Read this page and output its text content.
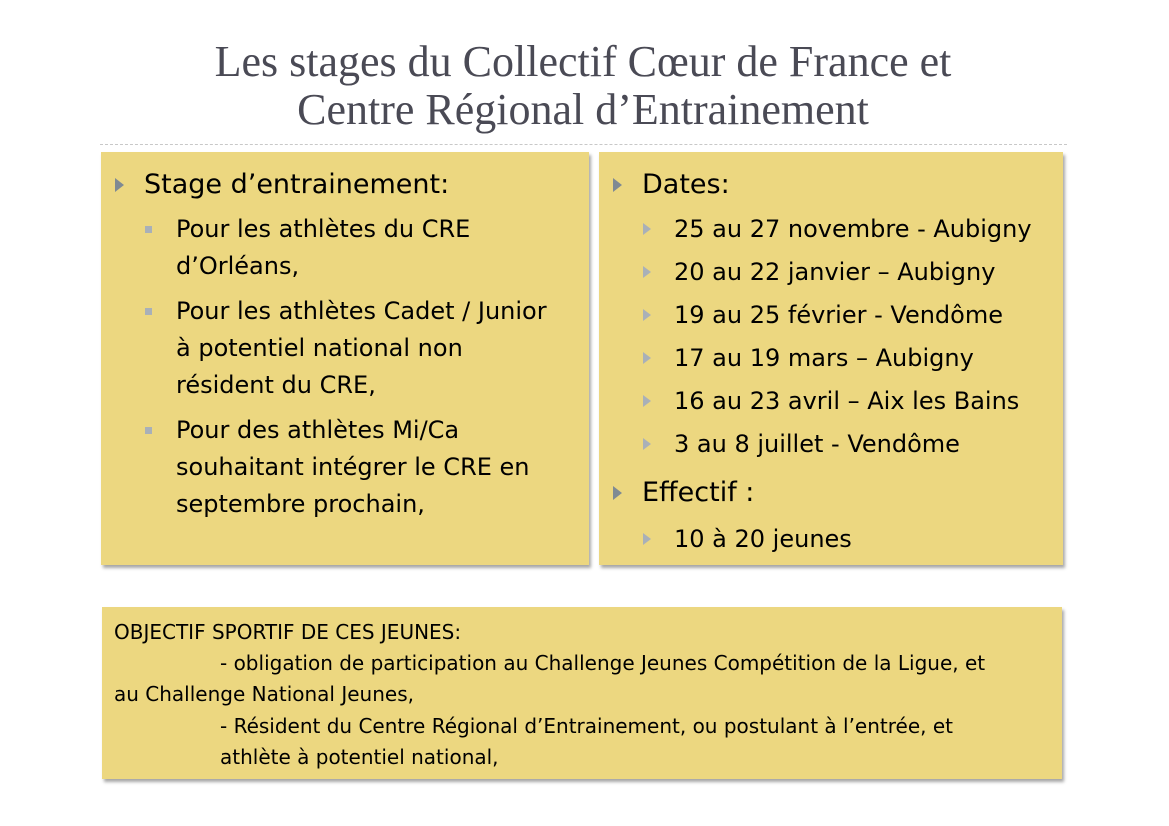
Les stages du Collectif Cœur de France et
Centre Régional d’Entrainement
Stage d’entrainement:
Pour les athlètes du CRE
d’Orléans,
Pour les athlètes Cadet / Junior
à potentiel national non
résident du CRE,
Pour des athlètes Mi/Ca
souhaitant intégrer le CRE en
septembre prochain,
Dates:
25 au 27 novembre - Aubigny
20 au 22 janvier – Aubigny
19 au 25 février - Vendôme
17 au 19 mars – Aubigny
16 au 23 avril – Aix les Bains
3 au 8 juillet - Vendôme
Effectif :
10 à 20 jeunes
OBJECTIF SPORTIF DE CES JEUNES:
- obligation de participation au Challenge Jeunes Compétition de la Ligue, et
au Challenge National Jeunes,
- Résident du Centre Régional d’Entrainement, ou postulant à l’entrée, et
athlète à potentiel national,
